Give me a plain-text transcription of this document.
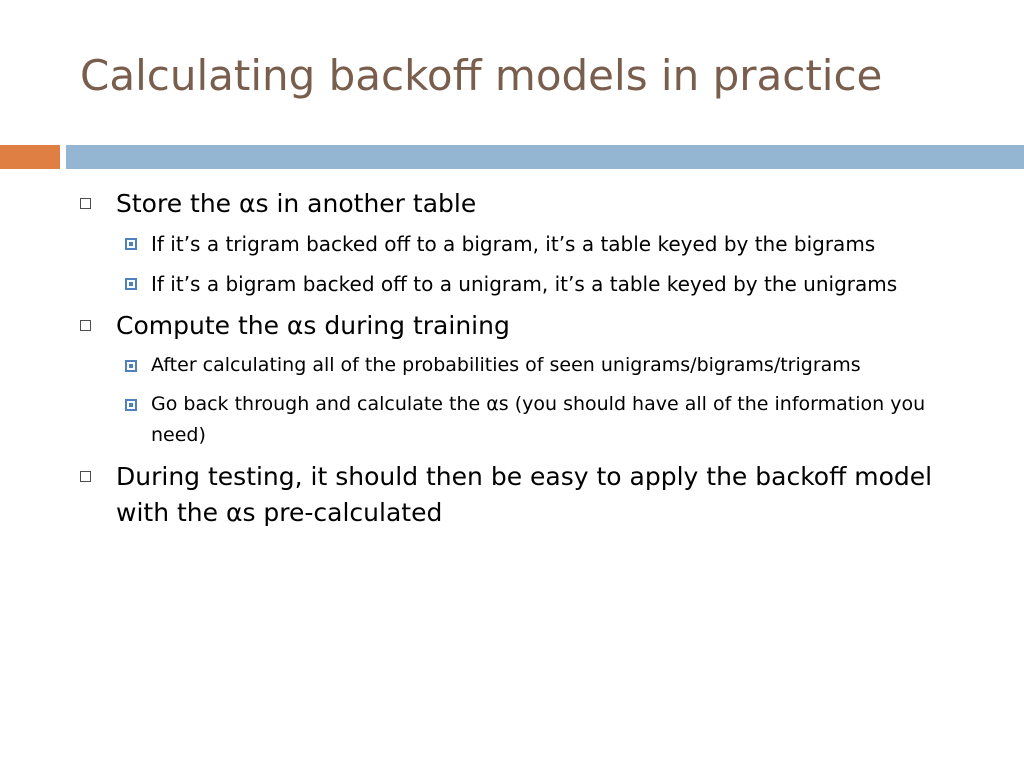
Calculating backoff models in practice
Store the αs in another table
If it’s a trigram backed off to a bigram, it’s a table keyed by the bigrams
If it’s a bigram backed off to a unigram, it’s a table keyed by the unigrams
Compute the αs during training
After calculating all of the probabilities of seen unigrams/bigrams/trigrams
Go back through and calculate the αs (you should have all of the information you need)
During testing, it should then be easy to apply the backoff model with the αs pre-calculated
